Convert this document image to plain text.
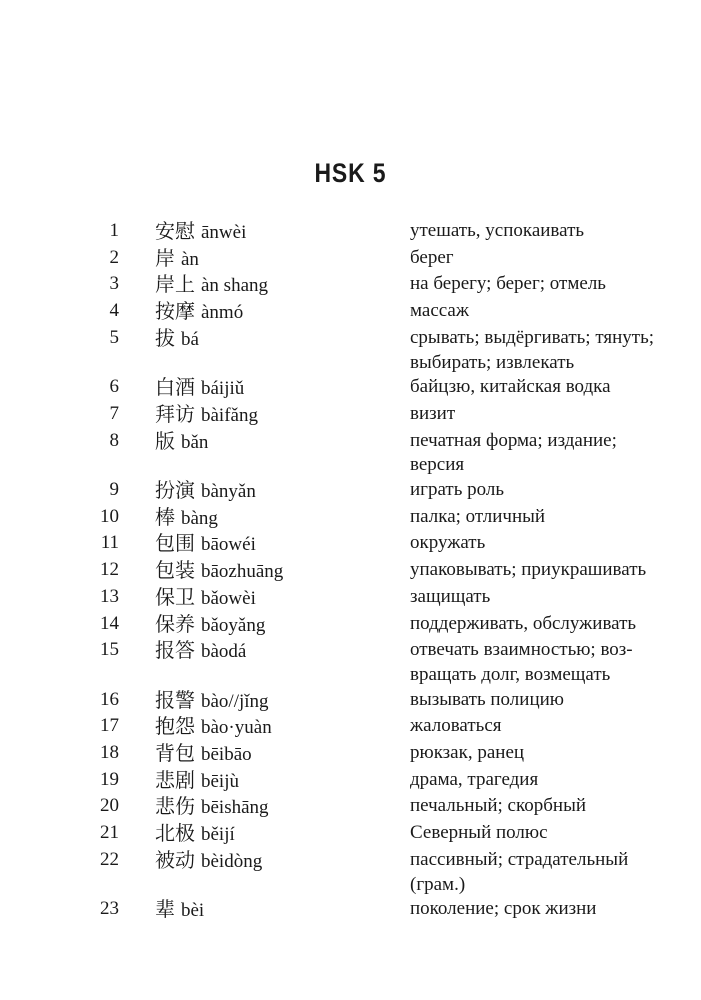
HSK 5
1	安慰 ānwèi	утешать, успокаивать
2	岸 àn	берег
3	岸上 àn shang	на берегу; берег; отмель
4	按摩 ànmó	массаж
5	拔 bá	срывать; выдёргивать; тянуть;
выбирать; извлекать
6	白酒 báijiǔ	байцзю, китайская водка
7	拜访 bàifǎng	визит
8	版 bǎn	печатная форма; издание;
версия
9	扮演 bànyǎn	играть роль
10	棒 bàng	палка; отличный
11	包围 bāowéi	окружать
12	包装 bāozhuāng	упаковывать; приукрашивать
13	保卫 bǎowèi	защищать
14	保养 bǎoyǎng	поддерживать, обслуживать
15	报答 bàodá	отвечать взаимностью; воз-
вращать долг, возмещать
16	报警 bào//jǐng	вызывать полицию
17	抱怨 bào·yuàn	жаловаться
18	背包 bēibāo	рюкзак, ранец
19	悲剧 bēijù	драма, трагедия
20	悲伤 bēishāng	печальный; скорбный
21	北极 běijí	Северный полюс
22	被动 bèidòng	пассивный; страдательный
(грам.)
23	辈 bèi	поколение; срок жизни
